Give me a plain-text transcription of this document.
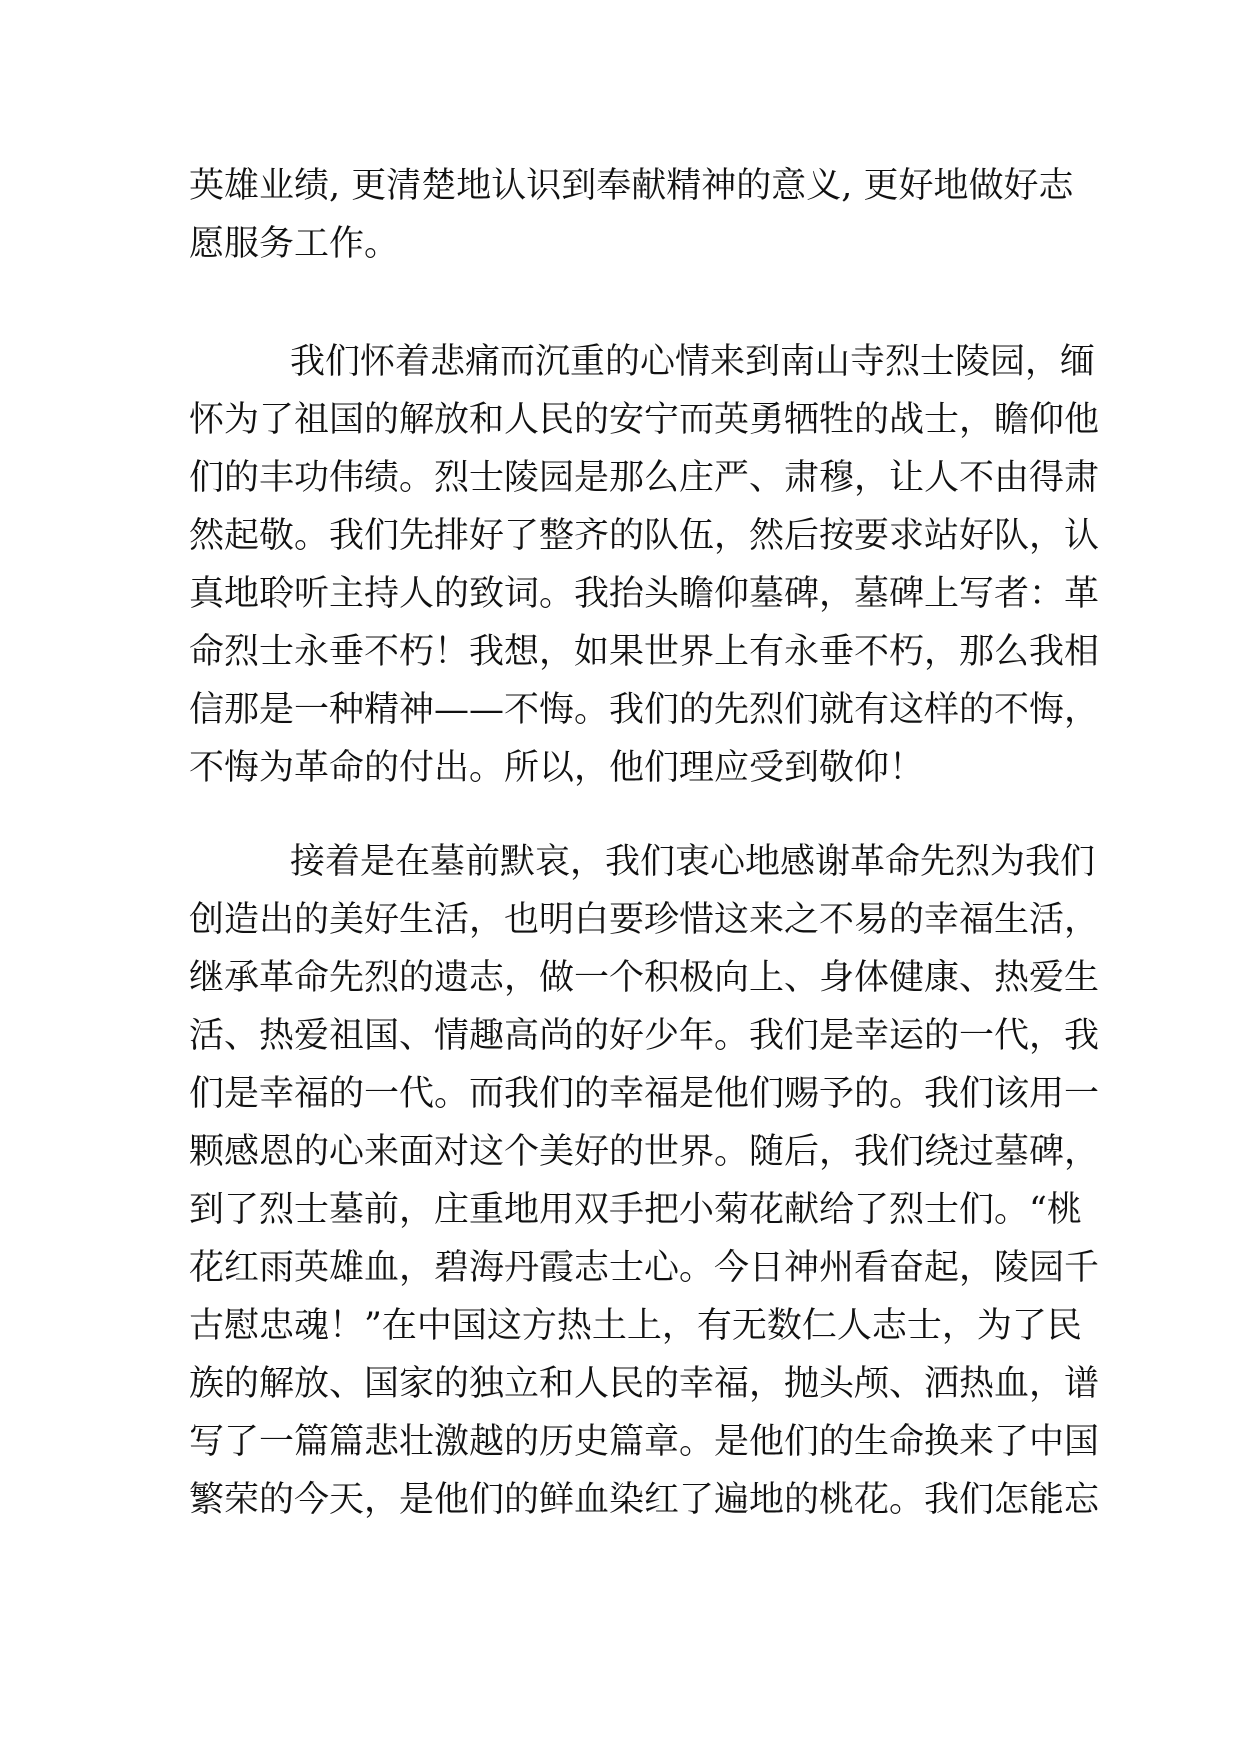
英雄业绩, 更清楚地认识到奉献精神的意义, 更好地做好志
愿服务工作。
我们怀着悲痛而沉重的心情来到南山寺烈士陵园，缅
怀为了祖国的解放和人民的安宁而英勇牺牲的战士，瞻仰他
们的丰功伟绩。烈士陵园是那么庄严、肃穆，让人不由得肃
然起敬。我们先排好了整齐的队伍，然后按要求站好队，认
真地聆听主持人的致词。我抬头瞻仰墓碑，墓碑上写者：革
命烈士永垂不朽！我想，如果世界上有永垂不朽，那么我相
信那是一种精神——不悔。我们的先烈们就有这样的不悔，
不悔为革命的付出。所以，他们理应受到敬仰！
接着是在墓前默哀，我们衷心地感谢革命先烈为我们
创造出的美好生活，也明白要珍惜这来之不易的幸福生活，
继承革命先烈的遗志，做一个积极向上、身体健康、热爱生
活、热爱祖国、情趣高尚的好少年。我们是幸运的一代，我
们是幸福的一代。而我们的幸福是他们赐予的。我们该用一
颗感恩的心来面对这个美好的世界。随后，我们绕过墓碑，
到了烈士墓前，庄重地用双手把小菊花献给了烈士们。“桃
花红雨英雄血，碧海丹霞志士心。今日神州看奋起，陵园千
古慰忠魂！”在中国这方热土上，有无数仁人志士，为了民
族的解放、国家的独立和人民的幸福，抛头颅、洒热血，谱
写了一篇篇悲壮激越的历史篇章。是他们的生命换来了中国
繁荣的今天，是他们的鲜血染红了遍地的桃花。我们怎能忘
